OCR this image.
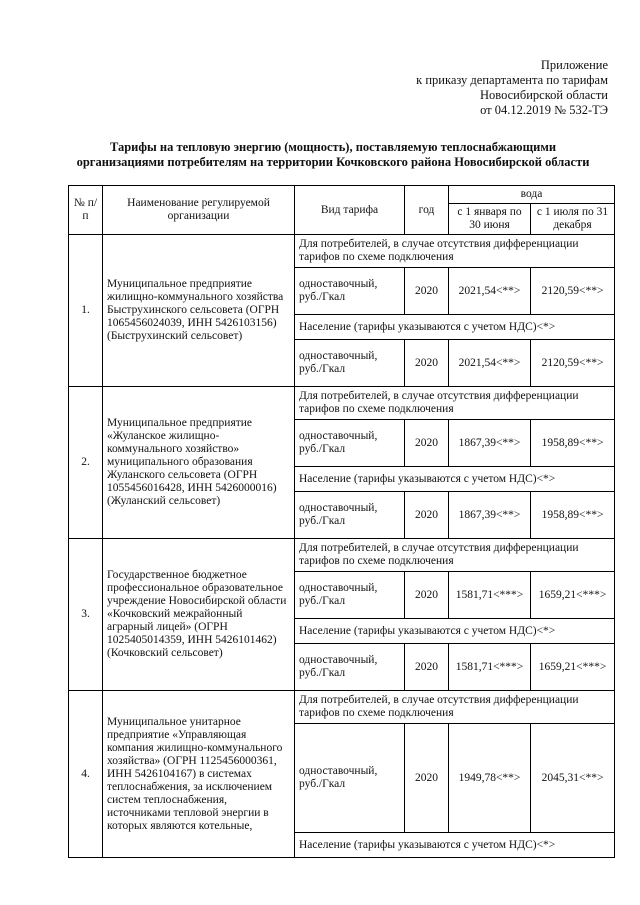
Приложение
к приказу департамента по тарифам
Новосибирской области
от 04.12.2019 № 532-ТЭ
Тарифы на тепловую энергию (мощность), поставляемую теплоснабжающими
организациями потребителям на территории Кочковского района Новосибирской области
№ п/п	Наименование регулируемой организации	Вид тарифа	год	вода	
				с 1 января по 30 июня	с 1 июля по 31 декабря
1.	Муниципальное предприятие жилищно-коммунального хозяйства Быструхинского сельсовета (ОГРН 1065456024039, ИНН 5426103156) (Быструхинский сельсовет)	Для потребителей, в случае отсутствия дифференциации тарифов по схеме подключения			
		одноставочный, руб./Гкал	2020	2021,54<**>	2120,59<**>
		Население (тарифы указываются с учетом НДС)<*>			
		одноставочный, руб./Гкал	2020	2021,54<**>	2120,59<**>
2.	Муниципальное предприятие «Жуланское жилищно-коммунального хозяйство» муниципального образования Жуланского сельсовета (ОГРН 1055456016428, ИНН 5426000016) (Жуланский сельсовет)	Для потребителей, в случае отсутствия дифференциации тарифов по схеме подключения			
		одноставочный, руб./Гкал	2020	1867,39<**>	1958,89<**>
		Население (тарифы указываются с учетом НДС)<*>			
		одноставочный, руб./Гкал	2020	1867,39<**>	1958,89<**>
3.	Государственное бюджетное профессиональное образовательное учреждение Новосибирской области «Кочковский межрайонный аграрный лицей» (ОГРН 1025405014359, ИНН 5426101462) (Кочковский сельсовет)	Для потребителей, в случае отсутствия дифференциации тарифов по схеме подключения			
		одноставочный, руб./Гкал	2020	1581,71<***>	1659,21<***>
		Население (тарифы указываются с учетом НДС)<*>			
		одноставочный, руб./Гкал	2020	1581,71<***>	1659,21<***>
4.	Муниципальное унитарное предприятие «Управляющая компания жилищно-коммунального хозяйства» (ОГРН 1125456000361, ИНН 5426104167) в системах теплоснабжения, за исключением систем теплоснабжения, источниками тепловой энергии в которых являются котельные,	Для потребителей, в случае отсутствия дифференциации тарифов по схеме подключения			
		одноставочный, руб./Гкал	2020	1949,78<**>	2045,31<**>
		Население (тарифы указываются с учетом НДС)<*>			
